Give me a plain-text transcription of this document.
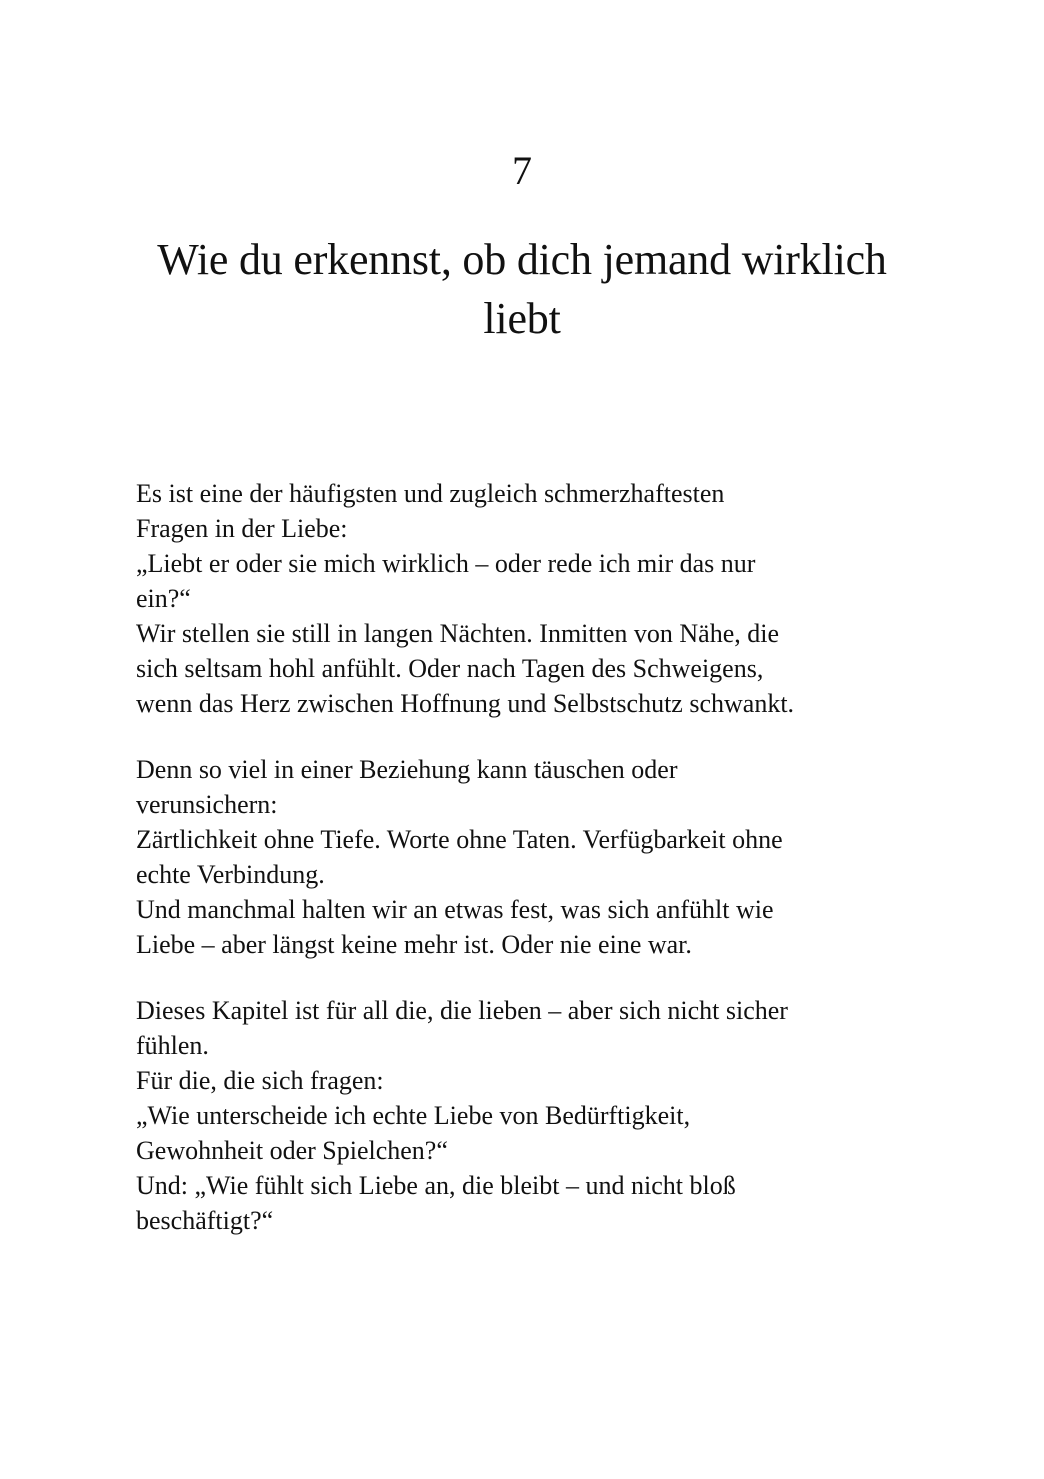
7
Wie du erkennst, ob dich jemand wirklich
liebt

Es ist eine der häufigsten und zugleich schmerzhaftesten
Fragen in der Liebe:
„Liebt er oder sie mich wirklich – oder rede ich mir das nur
ein?“
Wir stellen sie still in langen Nächten. Inmitten von Nähe, die
sich seltsam hohl anfühlt. Oder nach Tagen des Schweigens,
wenn das Herz zwischen Hoffnung und Selbstschutz schwankt.

Denn so viel in einer Beziehung kann täuschen oder
verunsichern:
Zärtlichkeit ohne Tiefe. Worte ohne Taten. Verfügbarkeit ohne
echte Verbindung.
Und manchmal halten wir an etwas fest, was sich anfühlt wie
Liebe – aber längst keine mehr ist. Oder nie eine war.

Dieses Kapitel ist für all die, die lieben – aber sich nicht sicher
fühlen.
Für die, die sich fragen:
„Wie unterscheide ich echte Liebe von Bedürftigkeit,
Gewohnheit oder Spielchen?“
Und: „Wie fühlt sich Liebe an, die bleibt – und nicht bloß
beschäftigt?“
